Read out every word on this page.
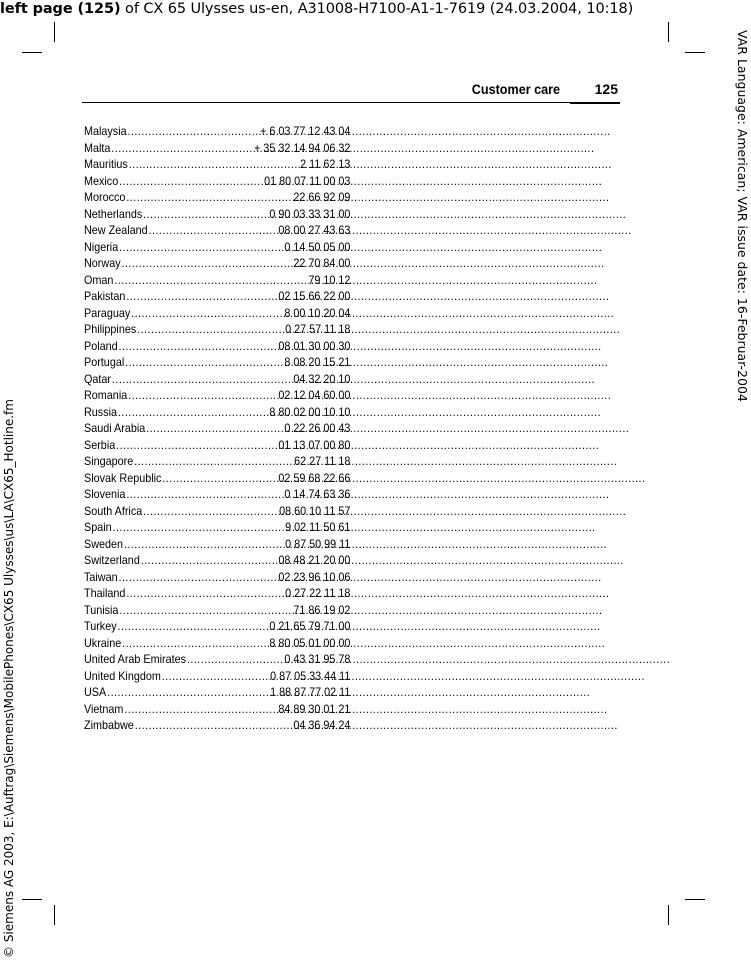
left page (125) of CX 65 Ulysses us-en, A31008-H7100-A1-1-7619 (24.03.2004, 10:18)
VAR Language: American; VAR issue date: 16-Februar-2004
© Siemens AG 2003, E:\Auftrag\Siemens\MobilePhones\CX65 Ulysses\us\LA\CX65_Hotline.fm
Customer care 125
Malaysia .....	+ 6 03 77 12 43 04
Malta .....	+ 35 32 14 94 06 32
Mauritius .....	2 11 62 13
Mexico .....	01 80 07 11 00 03
Morocco .....	22 66 92 09
Netherlands .....	0 90 03 33 31 00
New Zealand .....	08 00 27 43 63
Nigeria .....	0 14 50 05 00
Norway .....	22 70 84 00
Oman .....	79 10 12
Pakistan .....	02 15 66 22 00
Paraguay .....	8 00 10 20 04
Philippines .....	0 27 57 11 18
Poland .....	08 01 30 00 30
Portugal .....	8 08 20 15 21
Qatar .....	04 32 20 10
Romania .....	02 12 04 60 00
Russia .....	8 80 02 00 10 10
Saudi Arabia .....	0 22 26 00 43
Serbia .....	01 13 07 00 80
Singapore .....	62 27 11 18
Slovak Republic .....	02 59 68 22 66
Slovenia .....	0 14 74 63 36
South Africa .....	08 60 10 11 57
Spain .....	9 02 11 50 61
Sweden .....	0 87 50 99 11
Switzerland .....	08 48 21 20 00
Taiwan .....	02 23 96 10 06
Thailand .....	0 27 22 11 18
Tunisia .....	71 86 19 02
Turkey .....	0 21 65 79 71 00
Ukraine .....	8 80 05 01 00 00
United Arab Emirates .....	0 43 31 95 78
United Kingdom .....	0 87 05 33 44 11
USA .....	1 88 87 77 02 11
Vietnam .....	84 89 30 01 21
Zimbabwe .....	04 36 94 24
